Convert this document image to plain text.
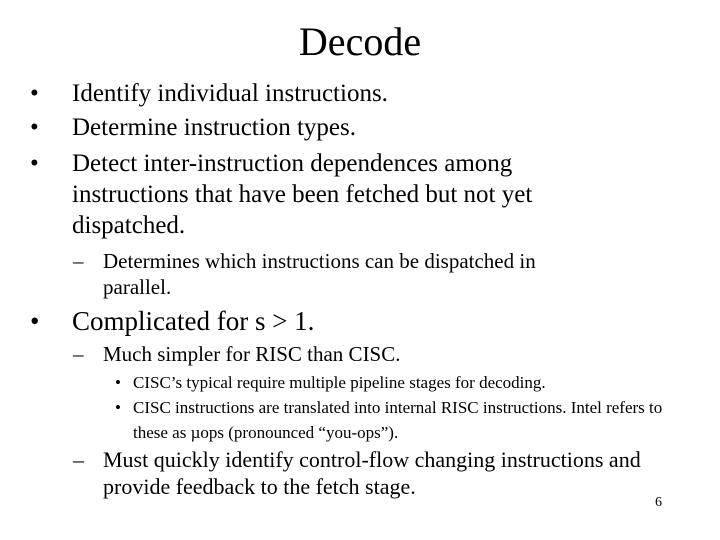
Decode
• Identify individual instructions.
• Determine instruction types.
• Detect inter-instruction dependences among instructions that have been fetched but not yet dispatched.
– Determines which instructions can be dispatched in parallel.
• Complicated for s > 1.
– Much simpler for RISC than CISC.
• CISC’s typical require multiple pipeline stages for decoding.
• CISC instructions are translated into internal RISC instructions. Intel refers to these as µops (pronounced “you-ops”).
– Must quickly identify control-flow changing instructions and provide feedback to the fetch stage.
6
